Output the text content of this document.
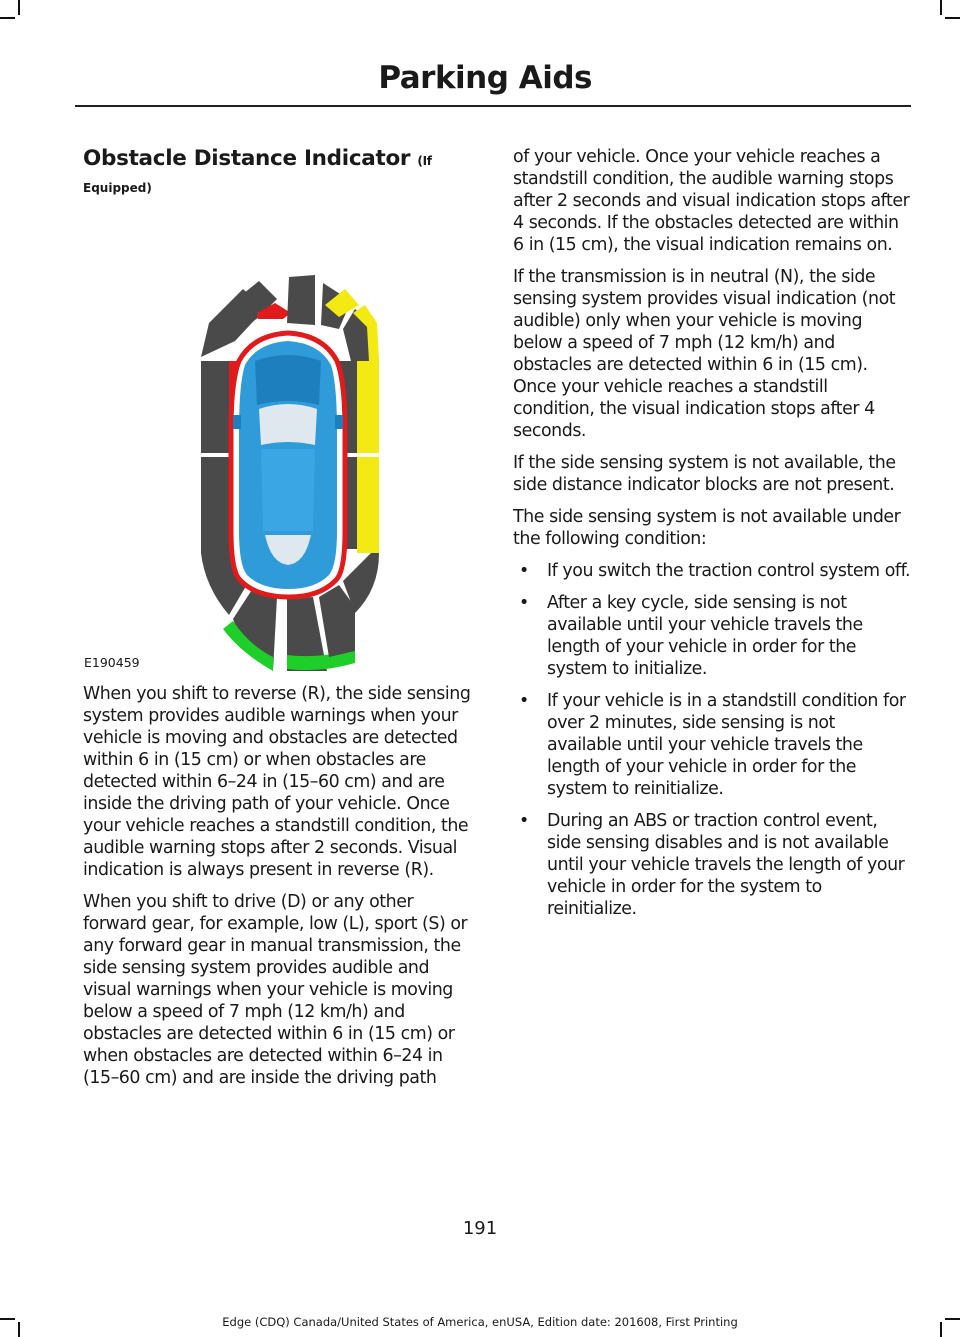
Parking Aids
Obstacle Distance Indicator (If
Equipped)
E190459

When you shift to reverse (R), the side sensing system provides audible warnings when your vehicle is moving and obstacles are detected within 6 in (15 cm) or when obstacles are detected within 6–24 in (15–60 cm) and are inside the driving path of your vehicle. Once your vehicle reaches a standstill condition, the audible warning stops after 2 seconds. Visual indication is always present in reverse (R).

When you shift to drive (D) or any other forward gear, for example, low (L), sport (S) or any forward gear in manual transmission, the side sensing system provides audible and visual warnings when your vehicle is moving below a speed of 7 mph (12 km/h) and obstacles are detected within 6 in (15 cm) or when obstacles are detected within 6–24 in (15–60 cm) and are inside the driving path

of your vehicle. Once your vehicle reaches a standstill condition, the audible warning stops after 2 seconds and visual indication stops after 4 seconds. If the obstacles detected are within 6 in (15 cm), the visual indication remains on.

If the transmission is in neutral (N), the side sensing system provides visual indication (not audible) only when your vehicle is moving below a speed of 7 mph (12 km/h) and obstacles are detected within 6 in (15 cm). Once your vehicle reaches a standstill condition, the visual indication stops after 4 seconds.

If the side sensing system is not available, the side distance indicator blocks are not present.

The side sensing system is not available under the following condition:

• If you switch the traction control system off.
• After a key cycle, side sensing is not available until your vehicle travels the length of your vehicle in order for the system to initialize.
• If your vehicle is in a standstill condition for over 2 minutes, side sensing is not available until your vehicle travels the length of your vehicle in order for the system to reinitialize.
• During an ABS or traction control event, side sensing disables and is not available until your vehicle travels the length of your vehicle in order for the system to reinitialize.
191
Edge (CDQ) Canada/United States of America, enUSA, Edition date: 201608, First Printing
